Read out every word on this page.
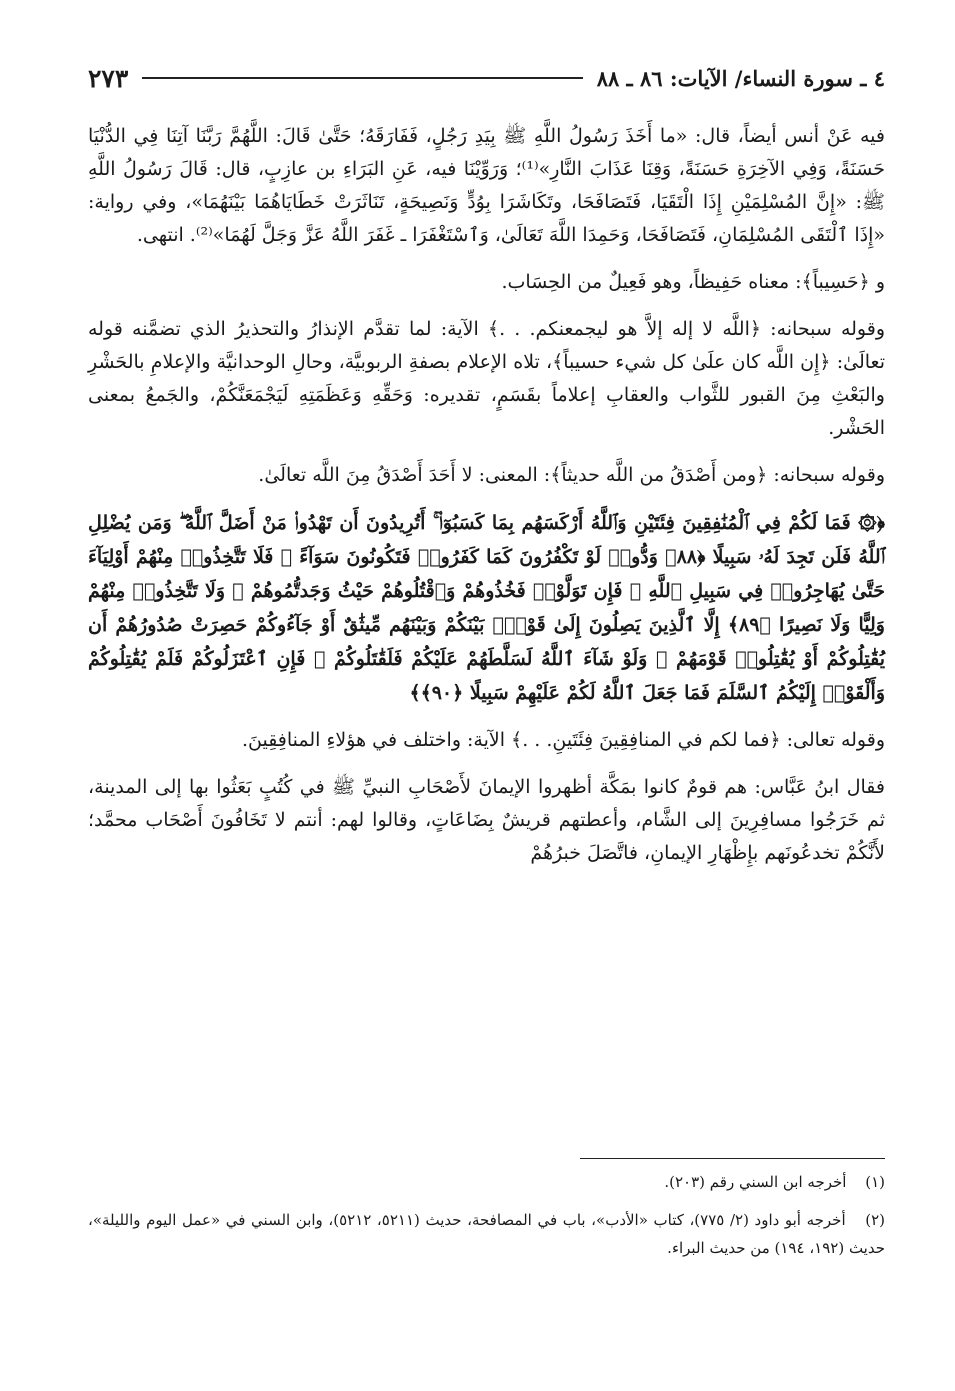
٤ ـ سورة النساء/ الآيات: ٨٦ ـ ٨٨
٢٧٣

فيه عَنْ أنس أيضاً، قال: «ما أَخَذَ رَسُولُ اللَّهِ ﷺ بِيَدِ رَجُلٍ، فَفَارَقَهُ؛ حَتَّىٰ قَالَ: اللَّهُمَّ رَبَّنَا آتِنَا فِي الدُّنْيَا حَسَنَةً، وَفِي الآخِرَةِ حَسَنَةً، وَقِنَا عَذَابَ النَّارِ»⁽¹⁾؛ وَرَوِّيْنَا فيه، عَنِ البَرَاءِ بن عازِبٍ، قال: قَالَ رَسُولُ اللَّهِ ﷺ: «إِنَّ المُسْلِمَيْنِ إِذَا الْتَقَيَا، فَتَصَافَحَا، وتَكَاشَرَا بِوُدٍّ وَنَصِيحَةٍ، تَنَاثَرَتْ خَطَايَاهُمَا بَيْنَهُمَا»، وفي رواية: «إِذَا ٱلْتَقَى المُسْلِمَانِ، فَتَصَافَحَا، وَحَمِدَا اللَّهَ تَعَالَىٰ، وَٱسْتَغْفَرَا ـ غَفَرَ اللَّهُ عَزَّ وَجَلَّ لَهُمَا»⁽²⁾. انتهى.

و ﴿حَسِيباً﴾: معناه حَفِيظاً، وهو فَعِيلٌ من الحِسَاب.

وقوله سبحانه: ﴿اللَّه لا إله إلاَّ هو ليجمعنكم. . .﴾ الآية: لما تقدَّم الإنذارُ والتحذيرُ الذي تضمَّنه قوله تعالَىٰ: ﴿إِن اللَّه كان علَىٰ كل شيء حسيباً﴾، تلاه الإعلام بصفةِ الربوبيَّة، وحالِ الوحدانيَّة والإعلامِ بالحَشْرِ والبَعْثِ مِنَ القبور للثَّواب والعقابِ إعلاماً بقَسَمٍ، تقديره: وَحَقِّهِ وَعَظَمَتِهِ لَيَجْمَعَنَّكُمْ، والجَمعُ بمعنى الحَشْر.

وقوله سبحانه: ﴿ومن أَصْدَقُ من اللَّه حديثاً﴾: المعنى: لا أَحَدَ أَصْدَقُ مِنَ اللَّه تعالَىٰ.

﴿۞ فَمَا لَكُمْ فِي ٱلْمُنَٰفِقِينَ فِئَتَيْنِ وَٱللَّهُ أَرْكَسَهُم بِمَا كَسَبُوٓا۟ ۚ أَتُرِيدُونَ أَن تَهْدُوا۟ مَنْ أَضَلَّ ٱللَّهُ ۖ وَمَن يُضْلِلِ ٱللَّهُ فَلَن تَجِدَ لَهُۥ سَبِيلًا ﴿٨٨﴾ وَدُّوا۟ لَوْ تَكْفُرُونَ كَمَا كَفَرُوا۟ فَتَكُونُونَ سَوَآءً ۖ فَلَا تَتَّخِذُوا۟ مِنْهُمْ أَوْلِيَآءَ حَتَّىٰ يُهَاجِرُوا۟ فِي سَبِيلِ ٱللَّهِ ۚ فَإِن تَوَلَّوْا۟ فَخُذُوهُمْ وَٱقْتُلُوهُمْ حَيْثُ وَجَدتُّمُوهُمْ ۖ وَلَا تَتَّخِذُوا۟ مِنْهُمْ وَلِيًّا وَلَا نَصِيرًا ﴿٨٩﴾ إِلَّا ٱلَّذِينَ يَصِلُونَ إِلَىٰ قَوْمٍۭ بَيْنَكُمْ وَبَيْنَهُم مِّيثَٰقٌ أَوْ جَآءُوكُمْ حَصِرَتْ صُدُورُهُمْ أَن يُقَٰتِلُوكُمْ أَوْ يُقَٰتِلُوا۟ قَوْمَهُمْ ۚ وَلَوْ شَآءَ ٱللَّهُ لَسَلَّطَهُمْ عَلَيْكُمْ فَلَقَٰتَلُوكُمْ ۚ فَإِنِ ٱعْتَزَلُوكُمْ فَلَمْ يُقَٰتِلُوكُمْ وَأَلْقَوْا۟ إِلَيْكُمُ ٱلسَّلَمَ فَمَا جَعَلَ ٱللَّهُ لَكُمْ عَلَيْهِمْ سَبِيلًا ﴿٩٠﴾﴾

وقوله تعالى: ﴿فما لكم في المنافِقِينَ فِئَتَينِ. . .﴾ الآية: واختلف في هؤلاءِ المنافِقِينَ.

فقال ابنُ عَبَّاس: هم قومٌ كانوا بمَكَّة أظهروا الإيمانَ لأَصْحَابِ النبيِّ ﷺ في كُتُبٍ بَعَثُوا بها إلى المدينة، ثم خَرَجُوا مسافِرِينَ إلى الشَّام، وأعطتهم قريشٌ بِضَاعَاتٍ، وقالوا لهم: أنتم لا تَخَافُونَ أَصْحَاب محمَّد؛ لأَنَّكُمْ تخدعُونَهم بإِظْهَارِ الإيمانِ، فاتَّصَلَ خبرُهُمْ

(١) أخرجه ابن السني رقم (٢٠٣).

(٢) أخرجه أبو داود (٢/ ٧٧٥)، كتاب «الأدب»، باب في المصافحة، حديث (٥٢١١، ٥٢١٢)، وابن السني في «عمل اليوم والليلة»، حديث (١٩٢، ١٩٤) من حديث البراء.
